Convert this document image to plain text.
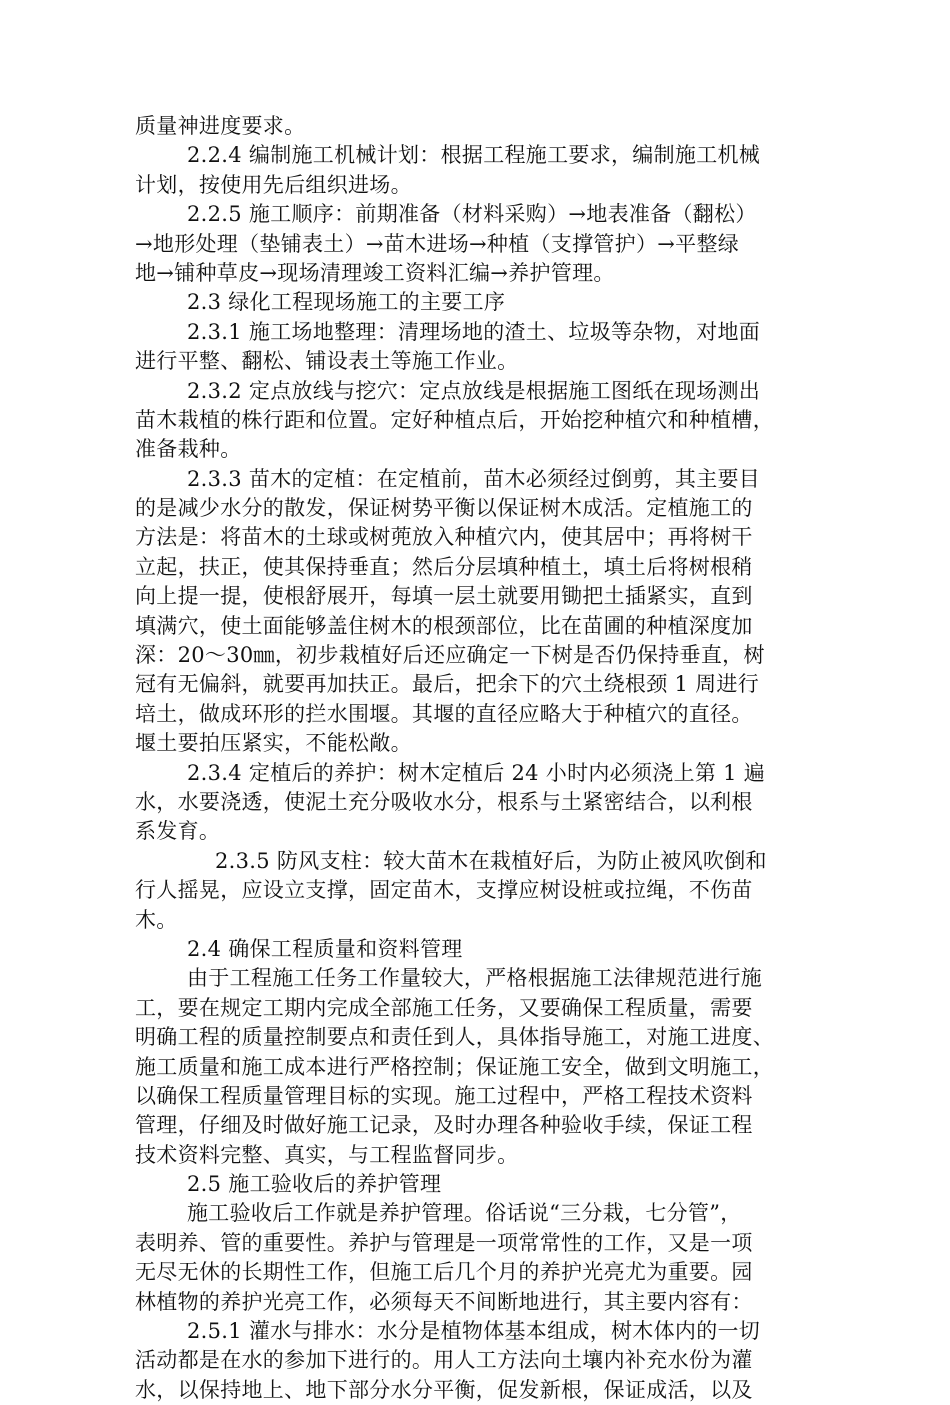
质量神进度要求。
2.2.4 编制施工机械计划：根据工程施工要求，编制施工机械
计划，按使用先后组织进场。
2.2.5 施工顺序：前期准备（材料采购）→地表准备（翻松）
→地形处理（垫铺表土）→苗木进场→种植（支撑管护）→平整绿
地→铺种草皮→现场清理竣工资料汇编→养护管理。
2.3 绿化工程现场施工的主要工序
2.3.1 施工场地整理：清理场地的渣土、垃圾等杂物，对地面
进行平整、翻松、铺设表土等施工作业。
2.3.2 定点放线与挖穴：定点放线是根据施工图纸在现场测出
苗木栽植的株行距和位置。定好种植点后，开始挖种植穴和种植槽，
准备栽种。
2.3.3 苗木的定植：在定植前，苗木必须经过倒剪，其主要目
的是减少水分的散发，保证树势平衡以保证树木成活。定植施工的
方法是：将苗木的土球或树蔸放入种植穴内，使其居中；再将树干
立起，扶正，使其保持垂直；然后分层填种植土，填土后将树根稍
向上提一提，使根舒展开，每填一层土就要用锄把土插紧实，直到
填满穴，使土面能够盖住树木的根颈部位，比在苗圃的种植深度加
深：20～30㎜，初步栽植好后还应确定一下树是否仍保持垂直，树
冠有无偏斜，就要再加扶正。最后，把余下的穴土绕根颈 1 周进行
培土，做成环形的拦水围堰。其堰的直径应略大于种植穴的直径。
堰土要拍压紧实，不能松敞。
2.3.4 定植后的养护：树木定植后 24 小时内必须浇上第 1 遍
水，水要浇透，使泥土充分吸收水分，根系与土紧密结合，以利根
系发育。
2.3.5 防风支柱：较大苗木在栽植好后，为防止被风吹倒和
行人摇晃，应设立支撑，固定苗木，支撑应树设桩或拉绳，不伤苗
木。
2.4 确保工程质量和资料管理
由于工程施工任务工作量较大，严格根据施工法律规范进行施
工，要在规定工期内完成全部施工任务，又要确保工程质量，需要
明确工程的质量控制要点和责任到人，具体指导施工，对施工进度、
施工质量和施工成本进行严格控制；保证施工安全，做到文明施工，
以确保工程质量管理目标的实现。施工过程中，严格工程技术资料
管理，仔细及时做好施工记录，及时办理各种验收手续，保证工程
技术资料完整、真实，与工程监督同步。
2.5 施工验收后的养护管理
施工验收后工作就是养护管理。俗话说“三分栽，七分管”，
表明养、管的重要性。养护与管理是一项常常性的工作，又是一项
无尽无休的长期性工作，但施工后几个月的养护光亮尤为重要。园
林植物的养护光亮工作，必须每天不间断地进行，其主要内容有：
2.5.1 灌水与排水：水分是植物体基本组成，树木体内的一切
活动都是在水的参加下进行的。用人工方法向土壤内补充水份为灌
水，以保持地上、地下部分水分平衡，促发新根，保证成活，以及
